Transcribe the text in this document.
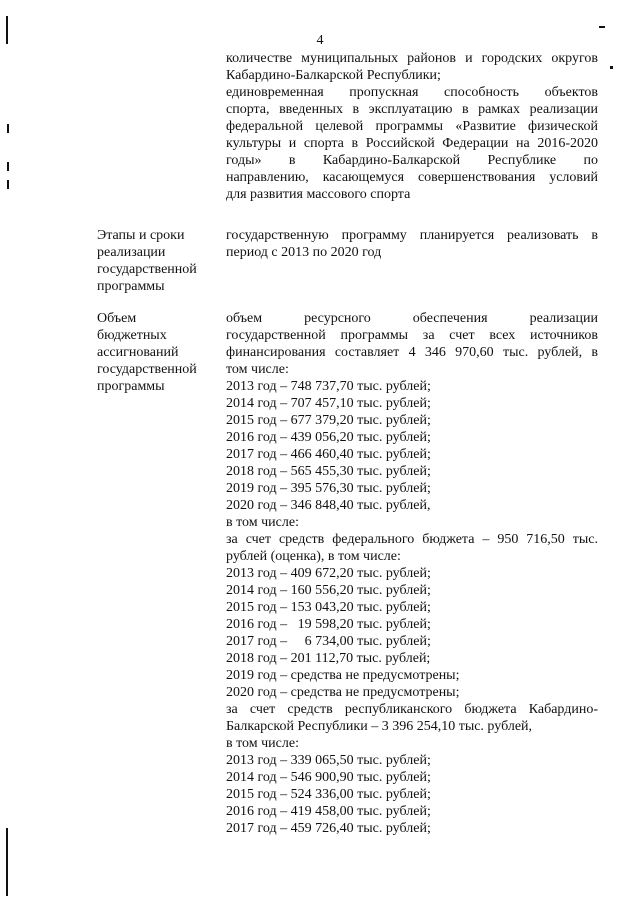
4
количестве муниципальных районов и городских округов
Кабардино-Балкарской Республики;
единовременная пропускная способность объектов
спорта, введенных в эксплуатацию в рамках реализации
федеральной целевой программы «Развитие физической
культуры и спорта в Российской Федерации на 2016-2020
годы» в Кабардино-Балкарской Республике по
направлению, касающемуся совершенствования условий
для развития массового спорта
Этапы и сроки
реализации
государственной
программы
государственную программу планируется реализовать в
период с 2013 по 2020 год
Объем
бюджетных
ассигнований
государственной
программы
объем ресурсного обеспечения реализации
государственной программы за счет всех источников
финансирования составляет 4 346 970,60 тыс. рублей, в
том числе:
2013 год – 748 737,70 тыс. рублей;
2014 год – 707 457,10 тыс. рублей;
2015 год – 677 379,20 тыс. рублей;
2016 год – 439 056,20 тыс. рублей;
2017 год – 466 460,40 тыс. рублей;
2018 год – 565 455,30 тыс. рублей;
2019 год – 395 576,30 тыс. рублей;
2020 год – 346 848,40 тыс. рублей,
в том числе:
за счет средств федерального бюджета – 950 716,50 тыс.
рублей (оценка), в том числе:
2013 год – 409 672,20 тыс. рублей;
2014 год – 160 556,20 тыс. рублей;
2015 год – 153 043,20 тыс. рублей;
2016 год –   19 598,20 тыс. рублей;
2017 год –     6 734,00 тыс. рублей;
2018 год – 201 112,70 тыс. рублей;
2019 год – средства не предусмотрены;
2020 год – средства не предусмотрены;
за счет средств республиканского бюджета Кабардино-
Балкарской Республики – 3 396 254,10 тыс. рублей,
в том числе:
2013 год – 339 065,50 тыс. рублей;
2014 год – 546 900,90 тыс. рублей;
2015 год – 524 336,00 тыс. рублей;
2016 год – 419 458,00 тыс. рублей;
2017 год – 459 726,40 тыс. рублей;
